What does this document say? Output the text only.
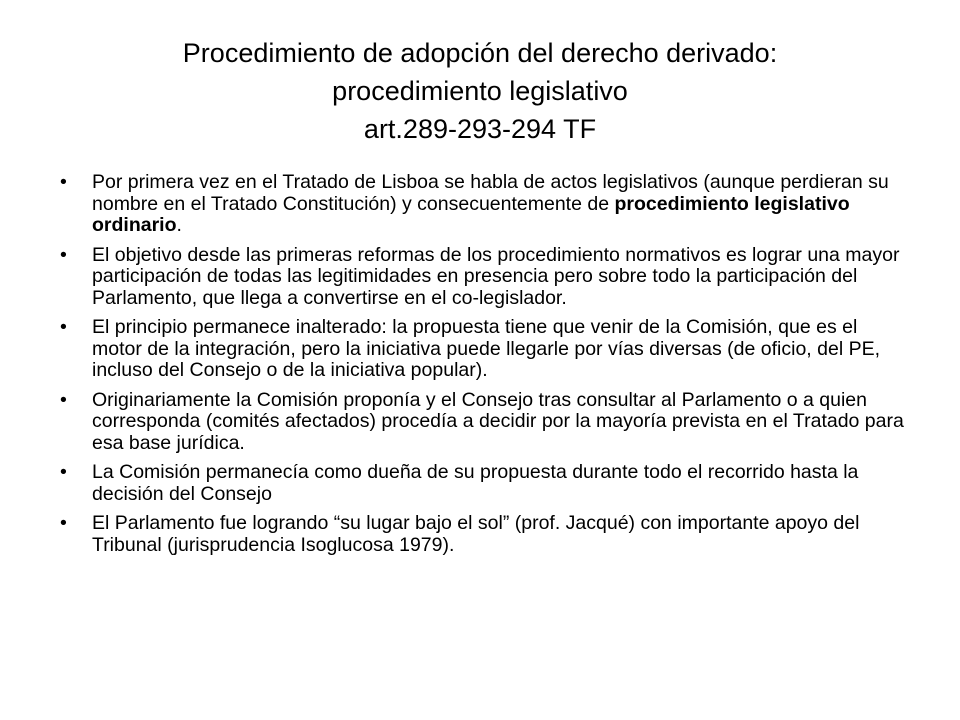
Procedimiento de adopción del derecho derivado:
procedimiento legislativo
art.289-293-294 TF
• Por primera vez en el Tratado de Lisboa se habla de actos legislativos (aunque perdieran su nombre en el Tratado Constitución) y consecuentemente de procedimiento legislativo ordinario.
• El objetivo desde las primeras reformas de los procedimiento normativos es lograr una mayor participación de todas las legitimidades en presencia pero sobre todo la participación del Parlamento, que llega a convertirse en el co-legislador.
• El principio permanece inalterado: la propuesta tiene que venir de la Comisión, que es el motor de la integración, pero la iniciativa puede llegarle por vías diversas (de oficio, del PE, incluso del Consejo o de la iniciativa popular).
• Originariamente la Comisión proponía y el Consejo tras consultar al Parlamento o a quien corresponda (comités afectados) procedía a decidir por la mayoría prevista en el Tratado para esa base jurídica.
• La Comisión permanecía como dueña de su propuesta durante todo el recorrido hasta la decisión del Consejo
• El Parlamento fue logrando “su lugar bajo el sol” (prof. Jacqué) con importante apoyo del Tribunal (jurisprudencia Isoglucosa 1979).
